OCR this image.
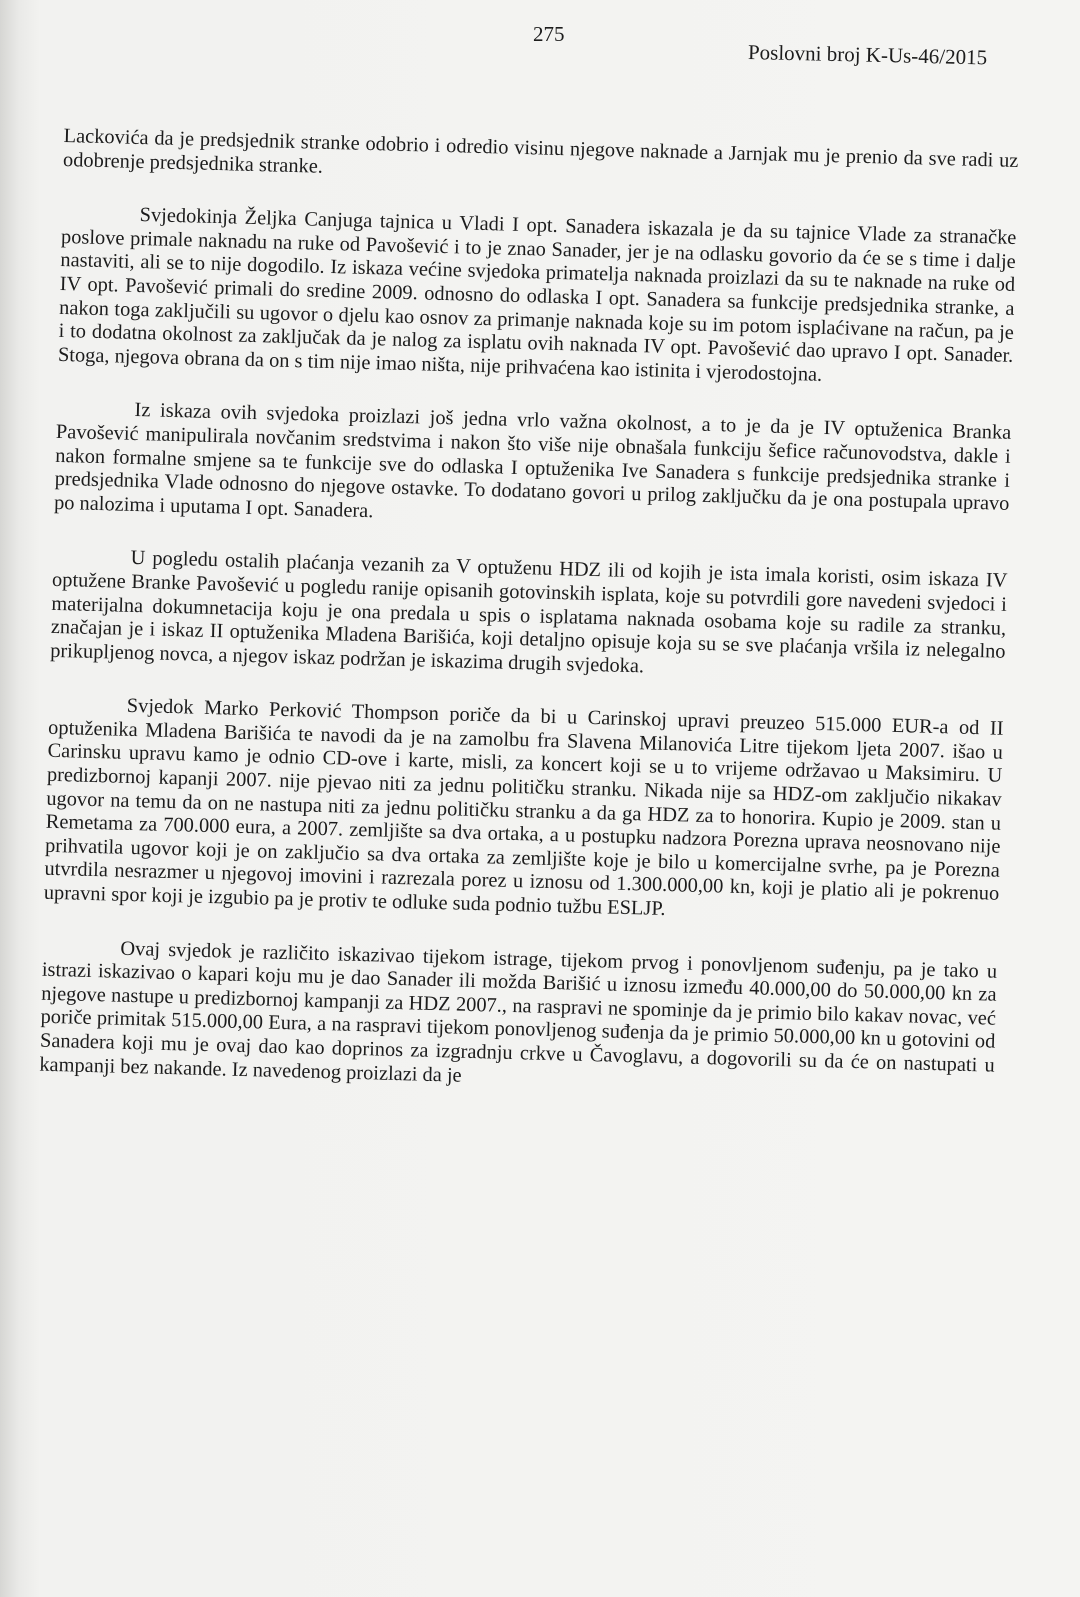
275
Poslovni broj K-Us-46/2015

Lackovića da je predsjednik stranke odobrio i odredio visinu njegove naknade a Jarnjak mu je prenio da sve radi uz odobrenje predsjednika stranke.

Svjedokinja Željka Canjuga tajnica u Vladi I opt. Sanadera iskazala je da su tajnice Vlade za stranačke poslove primale naknadu na ruke od Pavošević i to je znao Sanader, jer je na odlasku govorio da će se s time i dalje nastaviti, ali se to nije dogodilo. Iz iskaza većine svjedoka primatelja naknada proizlazi da su te naknade na ruke od IV opt. Pavošević primali do sredine 2009. odnosno do odlaska I opt. Sanadera sa funkcije predsjednika stranke, a nakon toga zaključili su ugovor o djelu kao osnov za primanje naknada koje su im potom isplaćivane na račun, pa je i to dodatna okolnost za zaključak da je nalog za isplatu ovih naknada IV opt. Pavošević dao upravo I opt. Sanader. Stoga, njegova obrana da on s tim nije imao ništa, nije prihvaćena kao istinita i vjerodostojna.

Iz iskaza ovih svjedoka proizlazi još jedna vrlo važna okolnost, a to je da je IV optuženica Branka Pavošević manipulirala novčanim sredstvima i nakon što više nije obnašala funkciju šefice računovodstva, dakle i nakon formalne smjene sa te funkcije sve do odlaska I optuženika Ive Sanadera s funkcije predsjednika stranke i predsjednika Vlade odnosno do njegove ostavke. To dodatano govori u prilog zaključku da je ona postupala upravo po nalozima i uputama I opt. Sanadera.

U pogledu ostalih plaćanja vezanih za V optuženu HDZ ili od kojih je ista imala koristi, osim iskaza IV optužene Branke Pavošević u pogledu ranije opisanih gotovinskih isplata, koje su potvrdili gore navedeni svjedoci i materijalna dokumnetacija koju je ona predala u spis o isplatama naknada osobama koje su radile za stranku, značajan je i iskaz II optuženika Mladena Barišića, koji detaljno opisuje koja su se sve plaćanja vršila iz nelegalno prikupljenog novca, a njegov iskaz podržan je iskazima drugih svjedoka.

Svjedok Marko Perković Thompson poriče da bi u Carinskoj upravi preuzeo 515.000 EUR-a od II optuženika Mladena Barišića te navodi da je na zamolbu fra Slavena Milanovića Litre tijekom ljeta 2007. išao u Carinsku upravu kamo je odnio CD-ove i karte, misli, za koncert koji se u to vrijeme održavao u Maksimiru. U predizbornoj kapanji 2007. nije pjevao niti za jednu političku stranku. Nikada nije sa HDZ-om zaključio nikakav ugovor na temu da on ne nastupa niti za jednu političku stranku a da ga HDZ za to honorira. Kupio je 2009. stan u Remetama za 700.000 eura, a 2007. zemljište sa dva ortaka, a u postupku nadzora Porezna uprava neosnovano nije prihvatila ugovor koji je on zaključio sa dva ortaka za zemljište koje je bilo u komercijalne svrhe, pa je Porezna utvrdila nesrazmer u njegovoj imovini i razrezala porez u iznosu od 1.300.000,00 kn, koji je platio ali je pokrenuo upravni spor koji je izgubio pa je protiv te odluke suda podnio tužbu ESLJP.

Ovaj svjedok je različito iskazivao tijekom istrage, tijekom prvog i ponovljenom suđenju, pa je tako u istrazi iskazivao o kapari koju mu je dao Sanader ili možda Barišić u iznosu između 40.000,00 do 50.000,00 kn za njegove nastupe u predizbornoj kampanji za HDZ 2007., na raspravi ne spominje da je primio bilo kakav novac, već poriče primitak 515.000,00 Eura, a na raspravi tijekom ponovljenog suđenja da je primio 50.000,00 kn u gotovini od Sanadera koji mu je ovaj dao kao doprinos za izgradnju crkve u Čavoglavu, a dogovorili su da će on nastupati u kampanji bez nakande. Iz navedenog proizlazi da je
